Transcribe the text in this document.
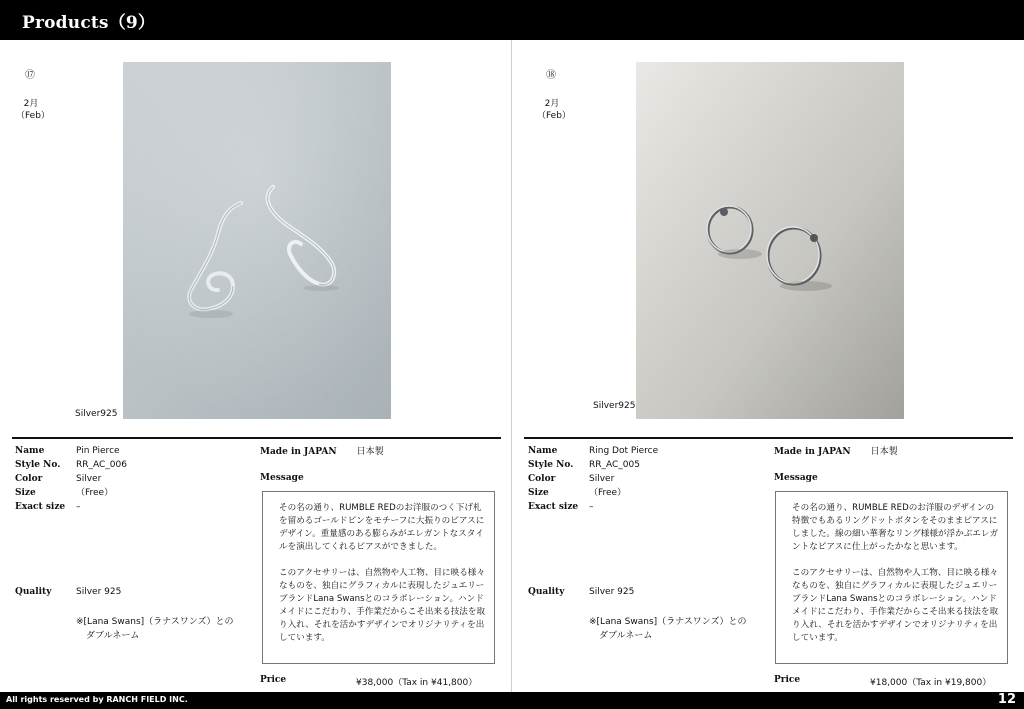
Products（9）
⑰
2月
（Feb）
Silver925
Name	Pin Pierce
Style No. RR_AC_006
Color	Silver
Size	（Free）
Exact size –
Quality	Silver 925
※[Lana Swans]（ラナスワンズ）との
ダブルネーム
Made in JAPAN 日本製
Message

その名の通り、RUMBLE REDのお洋服のつく下げ札を留めるゴールドピンをモチーフに大振りのピアスにデザイン。重量感のある膨らみがエレガントなスタイルを演出してくれるピアスができました。

このアクセサリーは、自然物や人工物、目に映る様々なものを、独自にグラフィカルに表現したジュエリーブランドLana Swansとのコラボレーション。ハンドメイドにこだわり、手作業だからこそ出来る技法を取り入れ、それを活かすデザインでオリジナリティを出しています。

Price	¥38,000（Tax in ¥41,800）
⑱
2月
（Feb）
Silver925
Name	Ring Dot Pierce
Style No. RR_AC_005
Color	Silver
Size	（Free）
Exact size –
Quality	Silver 925
※[Lana Swans]（ラナスワンズ）との
ダブルネーム
Made in JAPAN 日本製
Message

その名の通り、RUMBLE REDのお洋服のデザインの特徴でもあるリングドットボタンをそのままピアスにしました。線の細い華奢なリング様様が浮かぶエレガントなピアスに仕上がったかなと思います。

このアクセサリーは、自然物や人工物、目に映る様々なものを、独自にグラフィカルに表現したジュエリーブランドLana Swansとのコラボレーション。ハンドメイドにこだわり、手作業だからこそ出来る技法を取り入れ、それを活かすデザインでオリジナリティを出しています。

Price	¥18,000（Tax in ¥19,800）
All rights reserved by RANCH FIELD INC.	12
